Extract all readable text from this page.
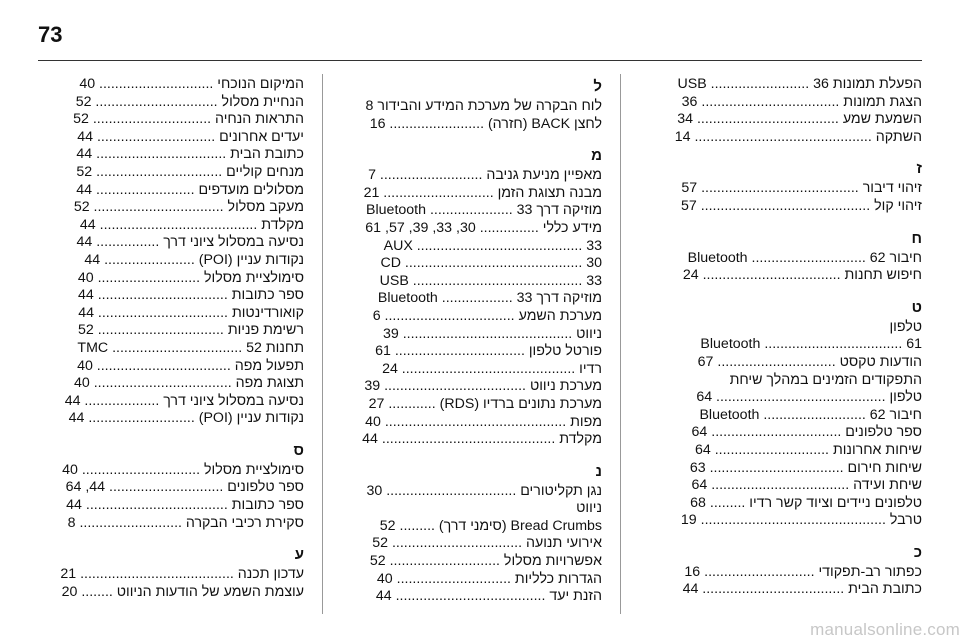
73
הפעלת תמונות USB ......................... 36
הצגת תמונות ................................... 36
השמעת שמע .................................... 34
השתקה ............................................. 14
ז
זיהוי דיבור ........................................ 57
זיהוי קול ........................................... 57
ח
חיבור Bluetooth ............................. 62
חיפוש תחנות ................................... 24
ט
טלפון
Bluetooth ................................... 61
הודעות טקסט .............................. 67
התפקודים הזמינים במהלך שיחת
טלפון ........................................... 64
חיבור Bluetooth .......................... 62
ספר טלפונים ................................. 64
שיחות אחרונות ............................. 64
שיחות חירום .................................. 63
שיחת ועידה ................................... 64
טלפונים ניידים וציוד קשר רדיו ......... 68
טרבל ............................................... 19
כ
כפתור רב-תפקודי ............................ 16
כתובת הבית .................................... 44
ל
לוח הבקרה של מערכת המידע והבידור 8
לחצן BACK (חזרה) ........................ 16
מ
מאפיין מניעת גניבה .......................... 7
מבנה תצוגת הזמן ............................ 21
מוזיקה דרך Bluetooth ..................... 33
מידע כללי ............... 30, 33, 39, 57, 61
AUX .......................................... 33
CD ............................................. 30
USB ........................................... 33
מוזיקה דרך Bluetooth .................. 33
מערכת השמע ................................. 6
ניווט ........................................... 39
פורטל טלפון ................................. 61
רדיו ............................................ 24
מערכת ניווט .................................... 39
מערכת נתונים ברדיו (RDS) ............ 27
מפות .............................................. 40
מקלדת ............................................ 44
נ
נגן תקליטורים ................................. 30
ניווט
Bread Crumbs (סימני דרך) ......... 52
אירועי תנועה ................................. 52
אפשרויות מסלול ............................ 52
הגדרות כלליות ............................. 40
הזנת יעד ...................................... 44
המיקום הנוכחי ............................. 40
הנחיית מסלול ............................... 52
התראות הנחיה .............................. 52
יעדים אחרונים .............................. 44
כתובת הבית ................................. 44
מנחים קוליים ................................ 52
מסלולים מועדפים ......................... 44
מעקב מסלול ................................. 52
מקלדת ........................................ 44
נסיעה במסלול ציוני דרך ................ 44
נקודות עניין (POI) ....................... 44
סימולציית מסלול .......................... 40
ספר כתובות ................................. 44
קואורדינטות ................................. 44
רשימת פניות ................................ 52
תחנות TMC ................................. 52
תפעול מפה .................................. 40
תצוגת מפה ................................... 40
נסיעה במסלול ציוני דרך ................... 44
נקודות עניין (POI) ........................... 44
ס
סימולציית מסלול .............................. 40
ספר טלפונים ............................. 44, 64
ספר כתובות .................................... 44
סקירת רכיבי הבקרה .......................... 8
ע
עדכון תכנה ....................................... 21
עוצמת השמע של הודעות הניווט ........ 20
manualsonline.com
